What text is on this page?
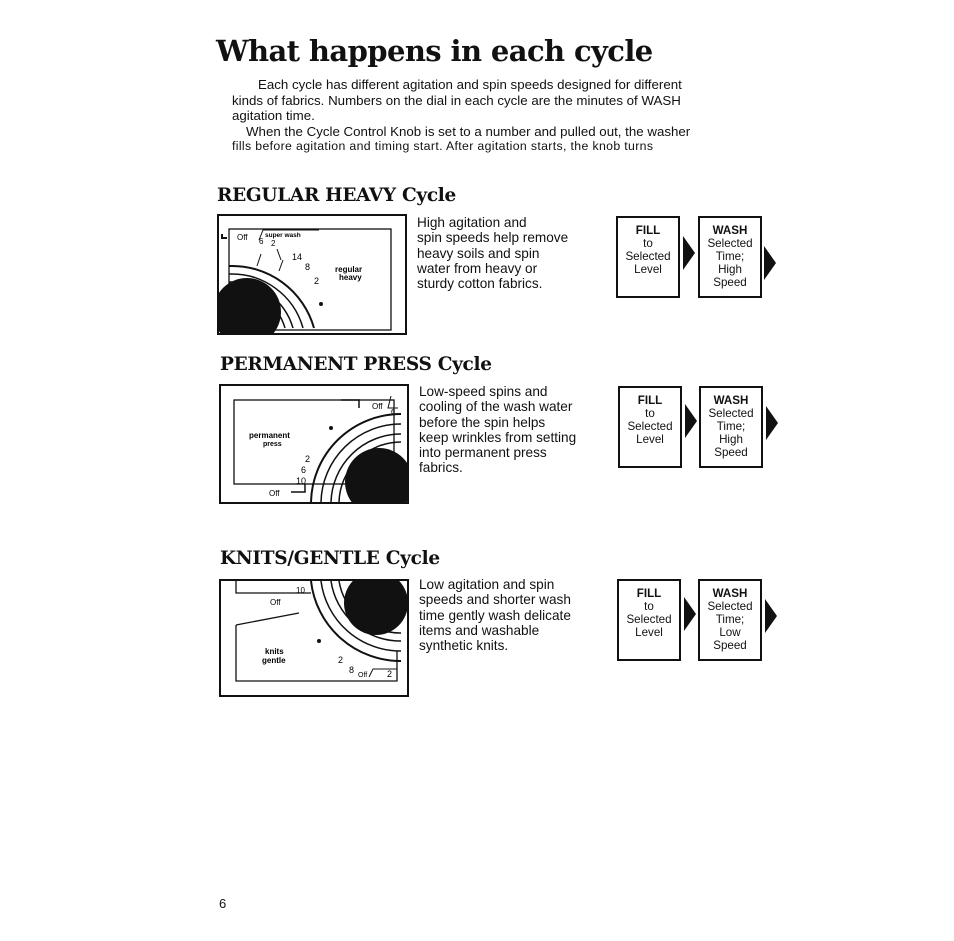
What happens in each cycle

Each cycle has different agitation and spin speeds designed for different
kinds of fabrics. Numbers on the dial in each cycle are the minutes of WASH
agitation time.

When the Cycle Control Knob is set to a number and pulled out, the washer
fills before agitation and timing start. After agitation starts, the knob turns

REGULAR HEAVY Cycle
Off	super wash
6 2
14
8
2
regular
heavy
High agitation and
spin speeds help remove
heavy soils and spin
water from heavy or
sturdy cotton fabrics.
FILL
to
Selected
Level
WASH
Selected
Time;
High
Speed
PERMANENT PRESS Cycle
Off
6
permanent
press
2
6
10
Off
Low-speed spins and
cooling of the wash water
before the spin helps
keep wrinkles from setting
into permanent press
fabrics.
FILL
to
Selected
Level
WASH
Selected
Time;
High
Speed
KNITS/GENTLE Cycle
10
Off
knits
gentle	2
8
Off 2
Low agitation and spin
speeds and shorter wash
time gently wash delicate
items and washable
synthetic knits.
FILL
to
Selected
Level
WASH
Selected
Time;
Low
Speed

6
